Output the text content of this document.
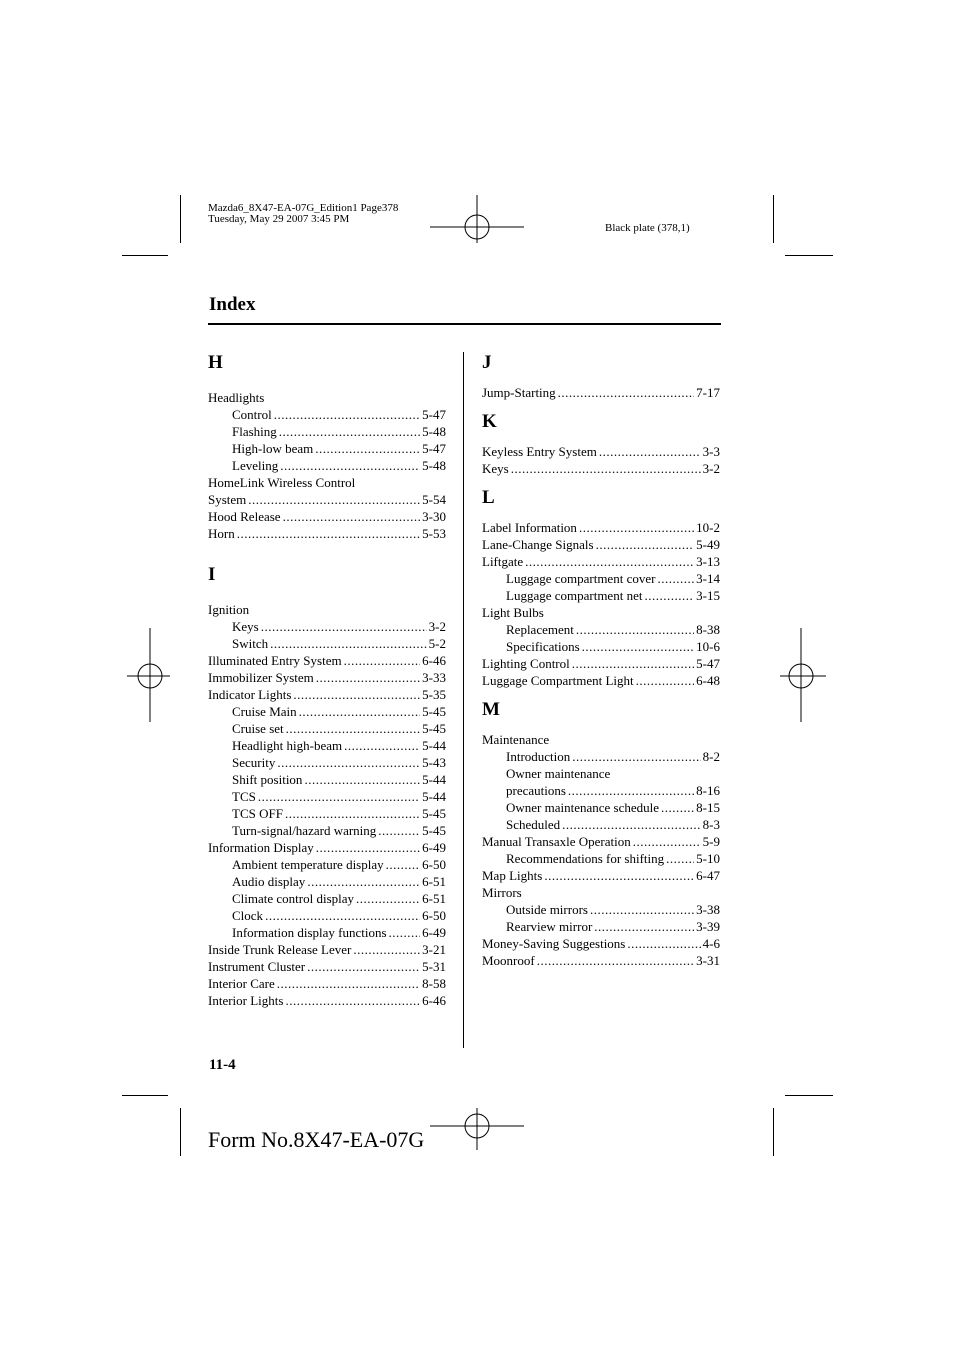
Mazda6_8X47-EA-07G_Edition1 Page378
Tuesday, May 29 2007 3:45 PM
Black plate (378,1)
Index
H
Headlights
Control .....	5-47
Flashing .....	5-48
High-low beam .....	5-47
Leveling .....	5-48
HomeLink Wireless Control
System .....	5-54
Hood Release .....	3-30
Horn .....	5-53
I
Ignition
Keys .....	3-2
Switch .....	5-2
Illuminated Entry System .....	6-46
Immobilizer System .....	3-33
Indicator Lights .....	5-35
Cruise Main .....	5-45
Cruise set .....	5-45
Headlight high-beam .....	5-44
Security .....	5-43
Shift position .....	5-44
TCS .....	5-44
TCS OFF .....	5-45
Turn-signal/hazard warning .....	5-45
Information Display .....	6-49
Ambient temperature display .....	6-50
Audio display .....	6-51
Climate control display .....	6-51
Clock .....	6-50
Information display functions .....	6-49
Inside Trunk Release Lever .....	3-21
Instrument Cluster .....	5-31
Interior Care .....	8-58
Interior Lights .....	6-46
J
Jump-Starting .....	7-17
K
Keyless Entry System .....	3-3
Keys .....	3-2
L
Label Information .....	10-2
Lane-Change Signals .....	5-49
Liftgate .....	3-13
Luggage compartment cover .....	3-14
Luggage compartment net .....	3-15
Light Bulbs
Replacement .....	8-38
Specifications .....	10-6
Lighting Control .....	5-47
Luggage Compartment Light .....	6-48
M
Maintenance
Introduction .....	8-2
Owner maintenance
precautions .....	8-16
Owner maintenance schedule .....	8-15
Scheduled .....	8-3
Manual Transaxle Operation .....	5-9
Recommendations for shifting ..... 5-10
Map Lights .....	6-47
Mirrors
Outside mirrors .....	3-38
Rearview mirror .....	3-39
Money-Saving Suggestions .....	4-6
Moonroof .....	3-31
11-4
Form No.8X47-EA-07G
